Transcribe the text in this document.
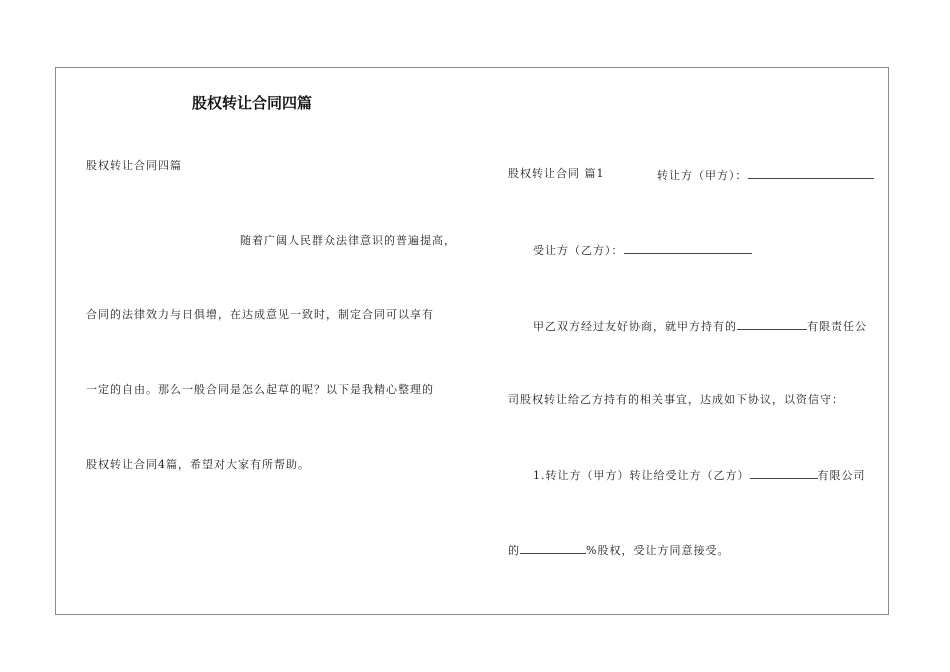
股权转让合同四篇
股权转让合同四篇
随着广阔人民群众法律意识的普遍提高，
合同的法律效力与日俱增，在达成意见一致时，制定合同可以享有
一定的自由。那么一般合同是怎么起草的呢？以下是我精心整理的
股权转让合同4篇，希望对大家有所帮助。
股权转让合同 篇1	转让方（甲方）：
受让方（乙方）：
甲乙双方经过友好协商，就甲方持有的	有限责任公
司股权转让给乙方持有的相关事宜，达成如下协议，以资信守：
1.转让方（甲方）转让给受让方（乙方）	有限公司
的	%股权，受让方同意接受。
